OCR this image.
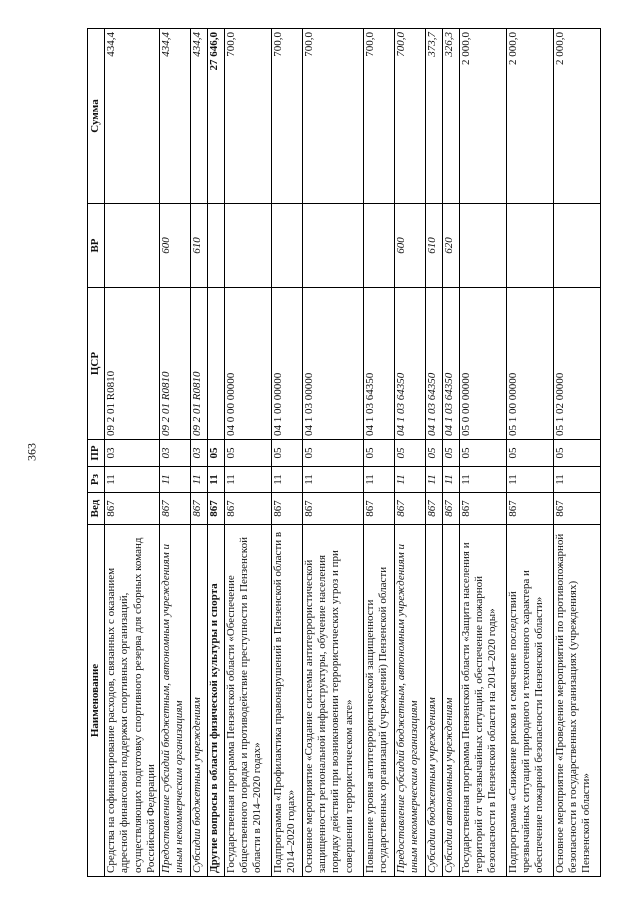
363
Наименование	Вед	Рз	ПР	ЦСР	ВР	Сумма
Средства на софинансирование расходов, связанных с оказанием адресной финансовой поддержки спортивных организаций, осуществляющих подготовку спортивного резерва для сборных команд Российской Федерации	867	11	03	09 2 01 R0810		434,4
Предоставление субсидий бюджетным, автономным учреждениям и иным некоммерческим организациям	867	11	03	09 2 01 R0810	600	434,4
Субсидии бюджетным учреждениям	867	11	03	09 2 01 R0810	610	434,4
Другие вопросы в области физической культуры и спорта	867	11	05			27 646,0
Государственная программа Пензенской области «Обеспечение общественного порядка и противодействие преступности в Пензенской области в 2014–2020 годах»	867	11	05	04 0 00 00000		700,0
Подпрограмма «Профилактика правонарушений в Пензенской области в 2014–2020 годах»	867	11	05	04 1 00 00000		700,0
Основное мероприятие «Создание системы антитеррористической защищенности региональной инфраструктуры, обучение населения порядку действий при возникновении террористических угроз и при совершении террористическом акте»	867	11	05	04 1 03 00000		700,0
Повышение уровня антитеррористической защищенности государственных организаций (учреждений) Пензенской области	867	11	05	04 1 03 64350		700,0
Предоставление субсидий бюджетным, автономным учреждениям и иным некоммерческим организациям	867	11	05	04 1 03 64350	600	700,0
Субсидии бюджетным учреждениям	867	11	05	04 1 03 64350	610	373,7
Субсидии автономным учреждениям	867	11	05	04 1 03 64350	620	326,3
Государственная программа Пензенской области «Защита населения и территорий от чрезвычайных ситуаций, обеспечение пожарной безопасности в Пензенской области на 2014–2020 годы»	867	11	05	05 0 00 00000		2 000,0
Подпрограмма «Снижение рисков и смягчение последствий чрезвычайных ситуаций природного и техногенного характера и обеспечение пожарной безопасности Пензенской области»	867	11	05	05 1 00 00000		2 000,0
Основное мероприятие «Проведение мероприятий по противопожарной безопасности в государственных организациях (учреждениях) Пензенской области»	867	11	05	05 1 02 00000		2 000,0
